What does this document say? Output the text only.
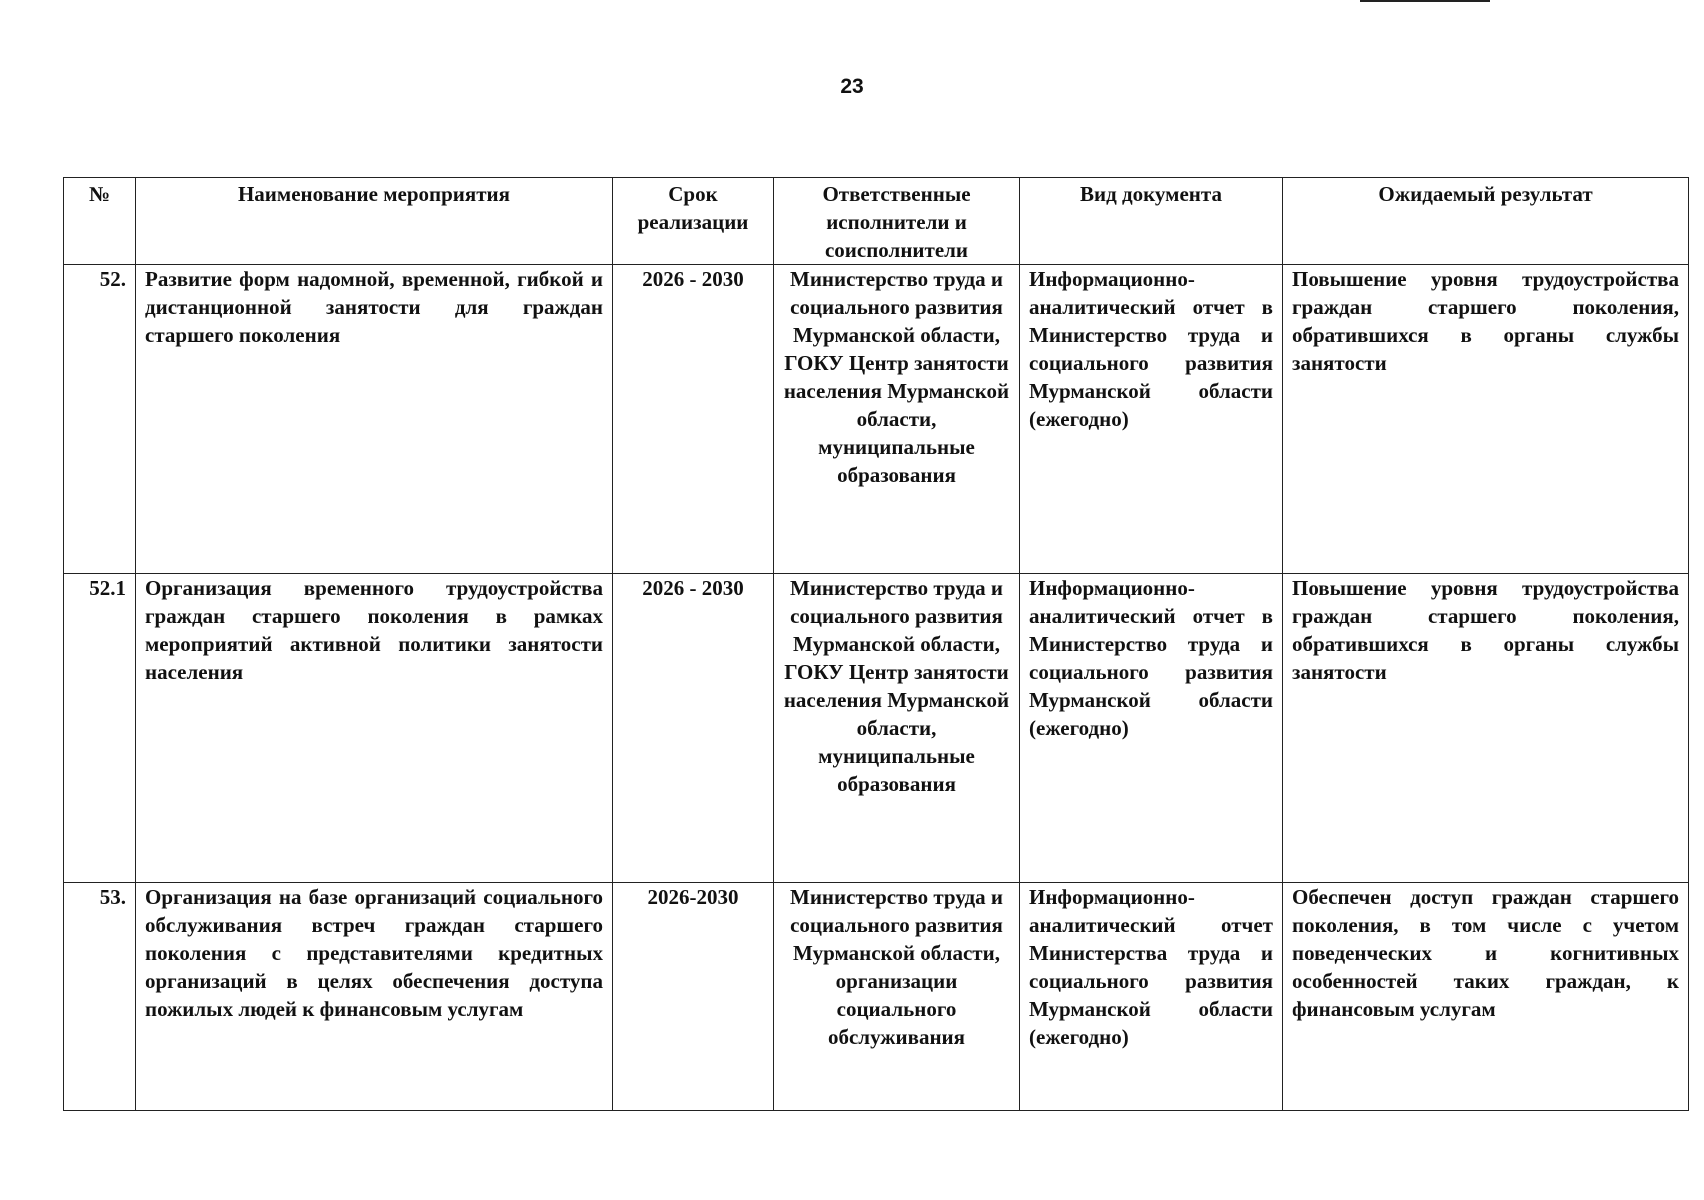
23
№	Наименование мероприятия	Срок реализации	Ответственные исполнители и соисполнители	Вид документа	Ожидаемый результат
52.	Развитие форм надомной, временной, гибкой и дистанционной занятости для граждан старшего поколения	2026 - 2030	Министерство труда и социального развития Мурманской области, ГОКУ Центр занятости населения Мурманской области, муниципальные образования	Информационно-аналитический отчет в Министерство труда и социального развития Мурманской области (ежегодно)	Повышение уровня трудоустройства граждан старшего поколения, обратившихся в органы службы занятости
52.1	Организация временного трудоустройства граждан старшего поколения в рамках мероприятий активной политики занятости населения	2026 - 2030	Министерство труда и социального развития Мурманской области, ГОКУ Центр занятости населения Мурманской области, муниципальные образования	Информационно-аналитический отчет в Министерство труда и социального развития Мурманской области (ежегодно)	Повышение уровня трудоустройства граждан старшего поколения, обратившихся в органы службы занятости
53.	Организация на базе организаций социального обслуживания встреч граждан старшего поколения с представителями кредитных организаций в целях обеспечения доступа пожилых людей к финансовым услугам	2026-2030	Министерство труда и социального развития Мурманской области, организации социального обслуживания	Информационно-аналитический отчет Министерства труда и социального развития Мурманской области (ежегодно)	Обеспечен доступ граждан старшего поколения, в том числе с учетом поведенческих и когнитивных особенностей таких граждан, к финансовым услугам
